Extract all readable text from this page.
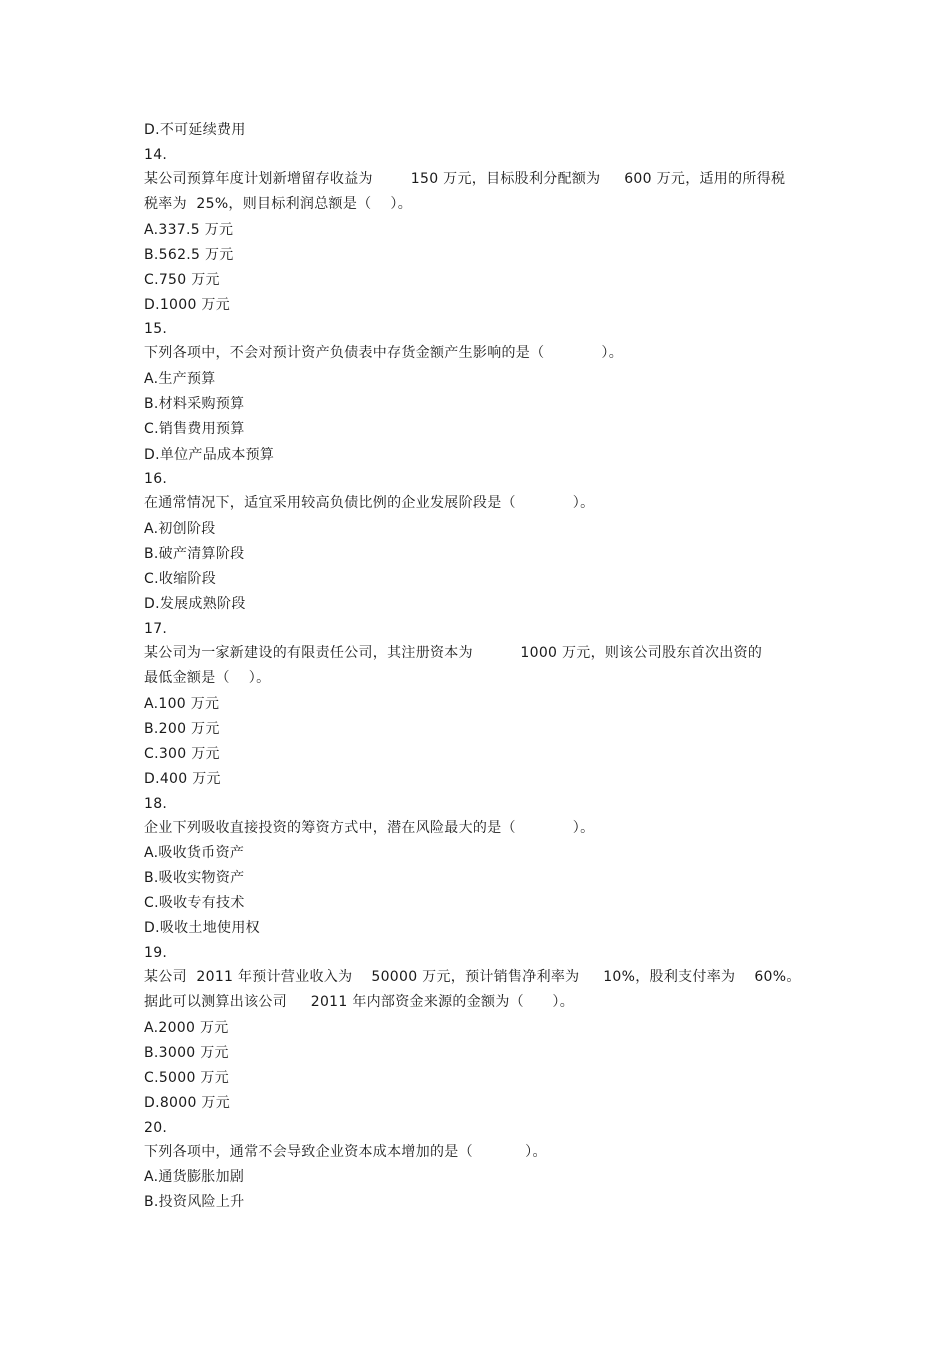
D.不可延续费用
14.
某公司预算年度计划新增留存收益为        150 万元，目标股利分配额为     600 万元，适用的所得税
税率为  25%，则目标利润总额是（    ）。
A.337.5 万元
B.562.5 万元
C.750 万元
D.1000 万元
15.
下列各项中，不会对预计资产负债表中存货金额产生影响的是（            ）。
A.生产预算
B.材料采购预算
C.销售费用预算
D.单位产品成本预算
16.
在通常情况下，适宜采用较高负债比例的企业发展阶段是（            ）。
A.初创阶段
B.破产清算阶段
C.收缩阶段
D.发展成熟阶段
17.
某公司为一家新建设的有限责任公司，其注册资本为          1000 万元，则该公司股东首次出资的
最低金额是（    ）。
A.100 万元
B.200 万元
C.300 万元
D.400 万元
18.
企业下列吸收直接投资的筹资方式中，潜在风险最大的是（            ）。
A.吸收货币资产
B.吸收实物资产
C.吸收专有技术
D.吸收土地使用权
19.
某公司  2011 年预计营业收入为    50000 万元，预计销售净利率为     10%，股利支付率为    60%。
据此可以测算出该公司     2011 年内部资金来源的金额为（      ）。
A.2000 万元
B.3000 万元
C.5000 万元
D.8000 万元
20.
下列各项中，通常不会导致企业资本成本增加的是（           ）。
A.通货膨胀加剧
B.投资风险上升
